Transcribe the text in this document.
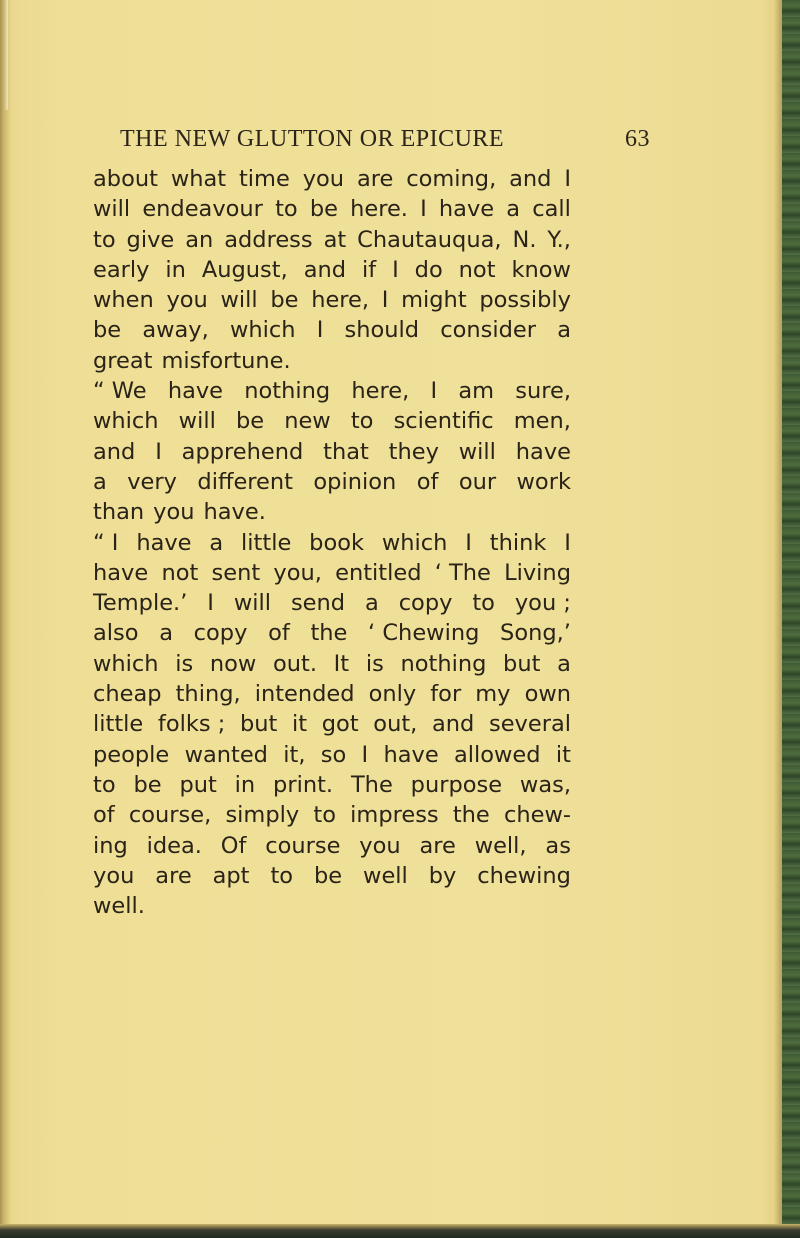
THE NEW GLUTTON OR EPICURE	63
about what time you are coming, and I
will endeavour to be here. I have a call
to give an address at Chautauqua, N. Y.,
early in August, and if I do not know
when you will be here, I might possibly
be away, which I should consider a
great misfortune.
“ We have nothing here, I am sure,
which will be new to scientific men,
and I apprehend that they will have
a very different opinion of our work
than you have.
“ I have a little book which I think I
have not sent you, entitled ‘ The Living
Temple.’ I will send a copy to you ;
also a copy of the ‘ Chewing Song,’
which is now out. It is nothing but a
cheap thing, intended only for my own
little folks ; but it got out, and several
people wanted it, so I have allowed it
to be put in print. The purpose was,
of course, simply to impress the chew-
ing idea. Of course you are well, as
you are apt to be well by chewing
well.
